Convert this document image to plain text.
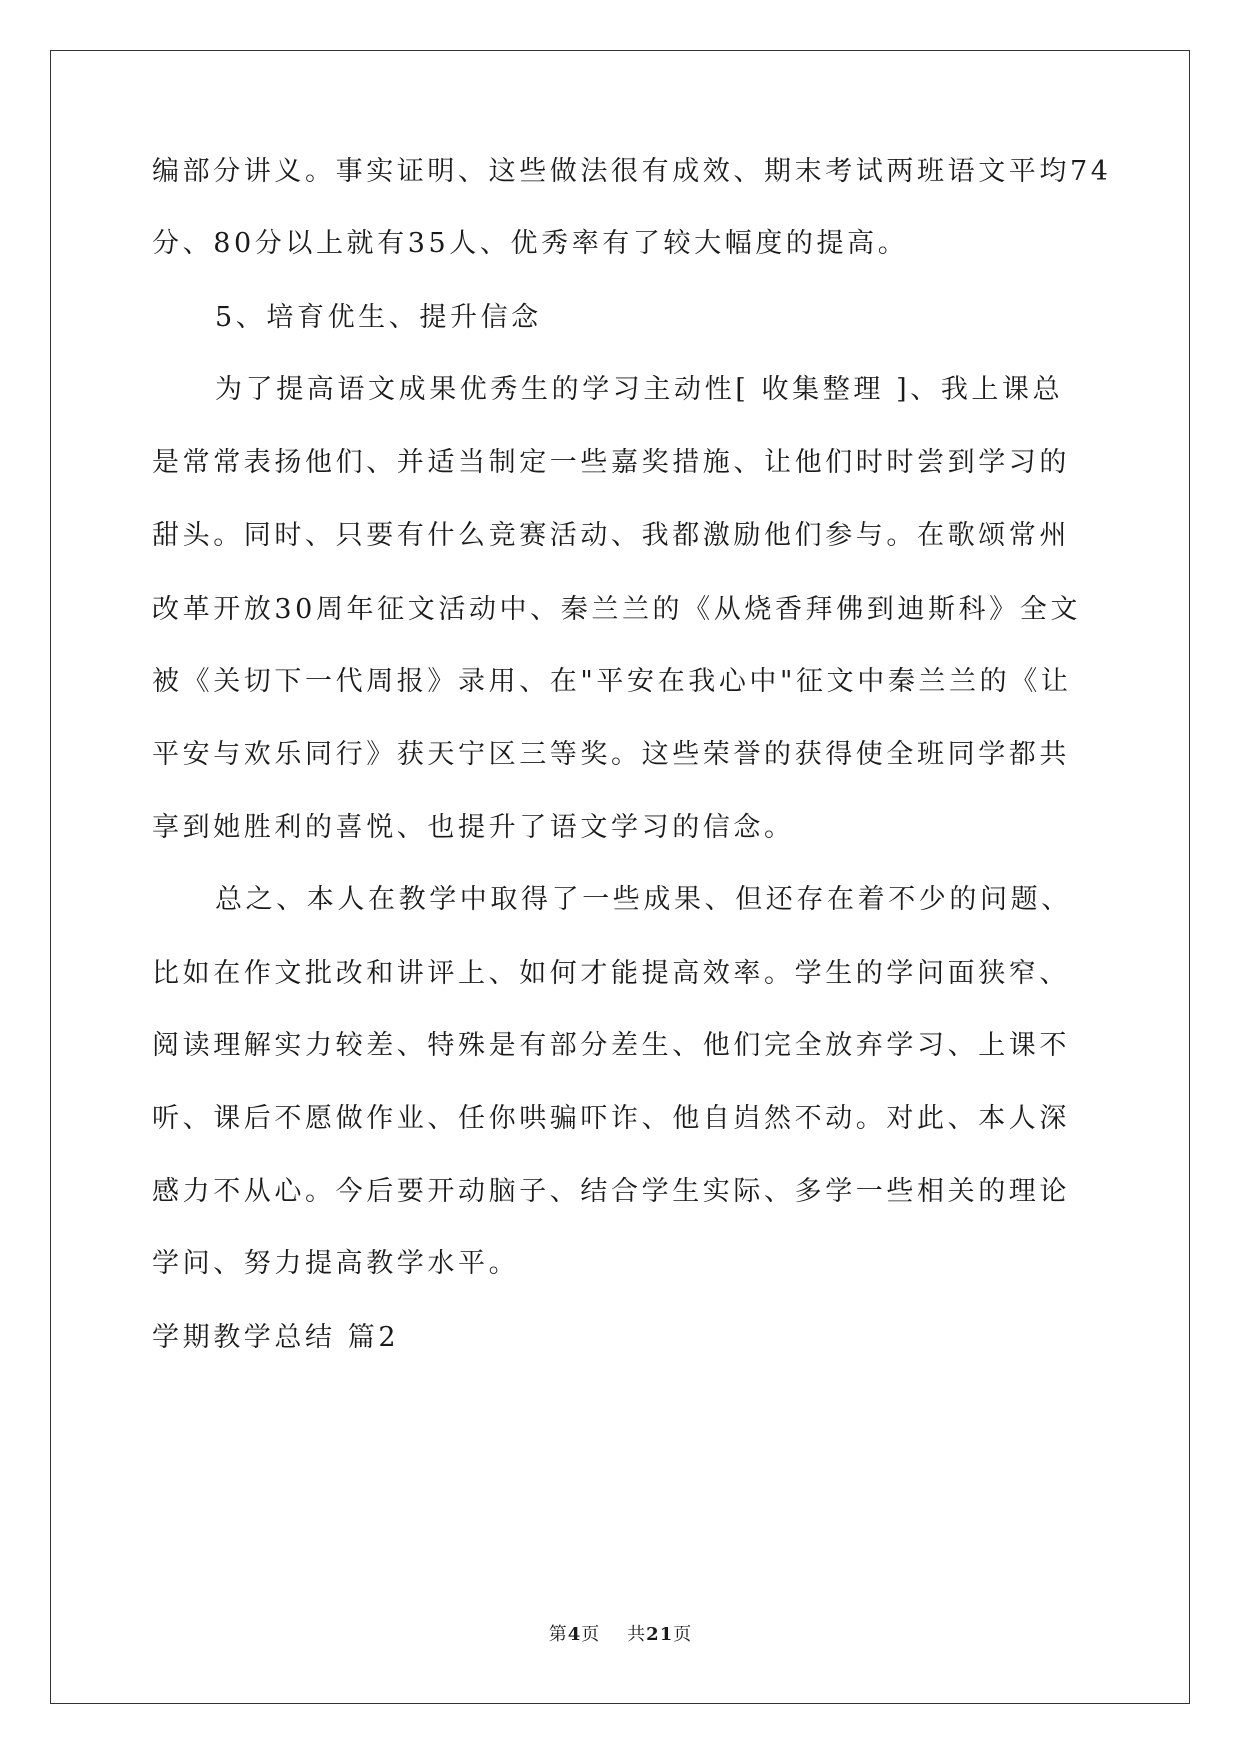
编部分讲义。事实证明、这些做法很有成效、期末考试两班语文平均74
分、80分以上就有35人、优秀率有了较大幅度的提高。
5、培育优生、提升信念
为了提高语文成果优秀生的学习主动性[ 收集整理 ]、我上课总
是常常表扬他们、并适当制定一些嘉奖措施、让他们时时尝到学习的
甜头。同时、只要有什么竞赛活动、我都激励他们参与。在歌颂常州
改革开放30周年征文活动中、秦兰兰的《从烧香拜佛到迪斯科》全文
被《关切下一代周报》录用、在"平安在我心中"征文中秦兰兰的《让
平安与欢乐同行》获天宁区三等奖。这些荣誉的获得使全班同学都共
享到她胜利的喜悦、也提升了语文学习的信念。
总之、本人在教学中取得了一些成果、但还存在着不少的问题、
比如在作文批改和讲评上、如何才能提高效率。学生的学问面狭窄、
阅读理解实力较差、特殊是有部分差生、他们完全放弃学习、上课不
听、课后不愿做作业、任你哄骗吓诈、他自岿然不动。对此、本人深
感力不从心。今后要开动脑子、结合学生实际、多学一些相关的理论
学问、努力提高教学水平。
学期教学总结 篇2
第4页    共21页
